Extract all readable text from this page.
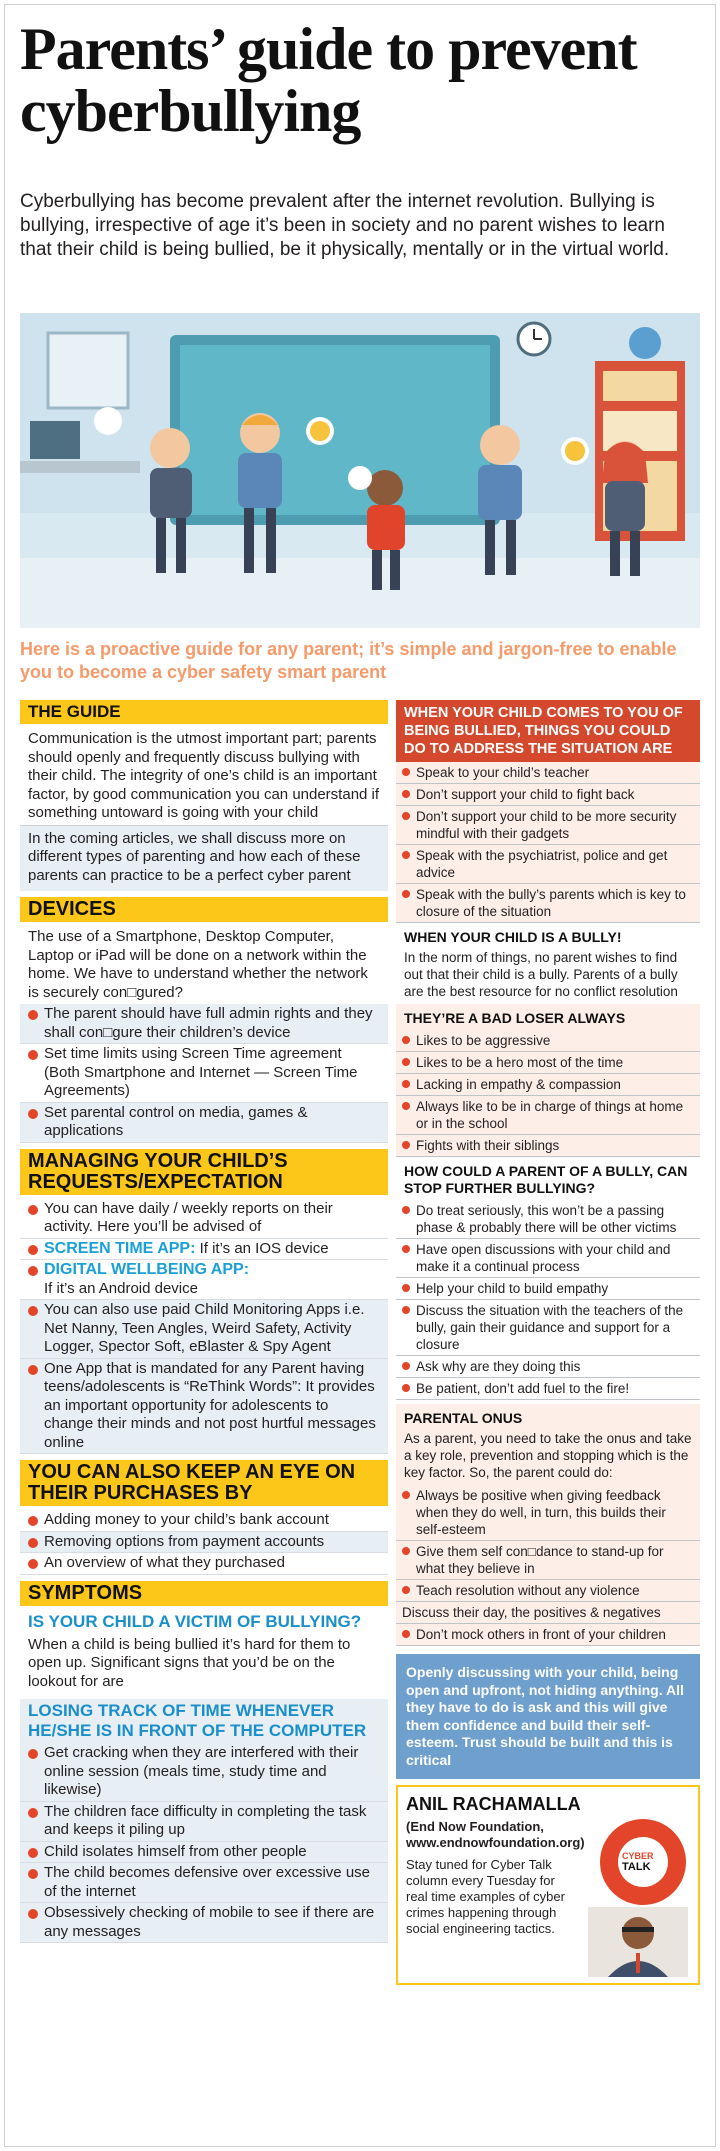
Parents’ guide to prevent cyberbullying

Cyberbullying has become prevalent after the internet revolution. Bullying is bullying, irrespective of age it’s been in society and no parent wishes to learn that their child is being bullied, be it physically, mentally or in the virtual world.

Here is a proactive guide for any parent; it’s simple and jargon-free to enable you to become a cyber safety smart parent

THE GUIDE

Communication is the utmost important part; parents should openly and frequently discuss bullying with their child. The integrity of one’s child is an important factor, by good communication you can understand if something untoward is going with your child

In the coming articles, we shall discuss more on different types of parenting and how each of these parents can practice to be a perfect cyber parent

DEVICES

The use of a Smartphone, Desktop Computer, Laptop or iPad will be done on a network within the home. We have to understand whether the network is securely con□gured?

The parent should have full admin rights and they shall con□gure their children’s device
Set time limits using Screen Time agreement (Both Smartphone and Internet — Screen Time Agreements)
Set parental control on media, games & applications
MANAGING YOUR CHILD’S REQUESTS/EXPECTATION
You can have daily / weekly reports on their activity. Here you’ll be advised of
SCREEN TIME APP: If it’s an IOS device
DIGITAL WELLBEING APP:
If it’s an Android device
You can also use paid Child Monitoring Apps i.e. Net Nanny, Teen Angles, Weird Safety, Activity Logger, Spector Soft, eBlaster & Spy Agent
One App that is mandated for any Parent having teens/adolescents is “ReThink Words”: It provides an important opportunity for adolescents to change their minds and not post hurtful messages online
YOU CAN ALSO KEEP AN EYE ON THEIR PURCHASES BY
Adding money to your child’s bank account
Removing options from payment accounts
An overview of what they purchased
SYMPTOMS
IS YOUR CHILD A VICTIM OF BULLYING?

When a child is being bullied it’s hard for them to open up. Significant signs that you’d be on the lookout for are

LOSING TRACK OF TIME WHENEVER HE/SHE IS IN FRONT OF THE COMPUTER
Get cracking when they are interfered with their online session (meals time, study time and likewise)
The children face difficulty in completing the task and keeps it piling up
Child isolates himself from other people
The child becomes defensive over excessive use of the internet
Obsessively checking of mobile to see if there are any messages
WHEN YOUR CHILD COMES TO YOU OF BEING BULLIED, THINGS YOU COULD DO TO ADDRESS THE SITUATION ARE
Speak to your child’s teacher
Don’t support your child to fight back
Don’t support your child to be more security mindful with their gadgets
Speak with the psychiatrist, police and get advice
Speak with the bully’s parents which is key to closure of the situation
WHEN YOUR CHILD IS A BULLY!

In the norm of things, no parent wishes to find out that their child is a bully. Parents of a bully are the best resource for no conflict resolution

THEY’RE A BAD LOSER ALWAYS
Likes to be aggressive
Likes to be a hero most of the time
Lacking in empathy & compassion
Always like to be in charge of things at home or in the school
Fights with their siblings
HOW COULD A PARENT OF A BULLY, CAN STOP FURTHER BULLYING?
Do treat seriously, this won’t be a passing phase & probably there will be other victims
Have open discussions with your child and make it a continual process
Help your child to build empathy
Discuss the situation with the teachers of the bully, gain their guidance and support for a closure
Ask why are they doing this
Be patient, don’t add fuel to the fire!
PARENTAL ONUS

As a parent, you need to take the onus and take a key role, prevention and stopping which is the key factor. So, the parent could do:

Always be positive when giving feedback when they do well, in turn, this builds their self-esteem
Give them self con□dance to stand-up for what they believe in
Teach resolution without any violence
Discuss their day, the positives & negatives
Don’t mock others in front of your children
Openly discussing with your child, being open and upfront, not hiding anything. All they have to do is ask and this will give them confidence and build their self-esteem. Trust should be built and this is critical
ANIL RACHAMALLA
(End Now Foundation, www.endnowfoundation.org)
Stay tuned for Cyber Talk column every Tuesday for real time examples of cyber crimes happening through social engineering tactics.
CYBER
TALK
